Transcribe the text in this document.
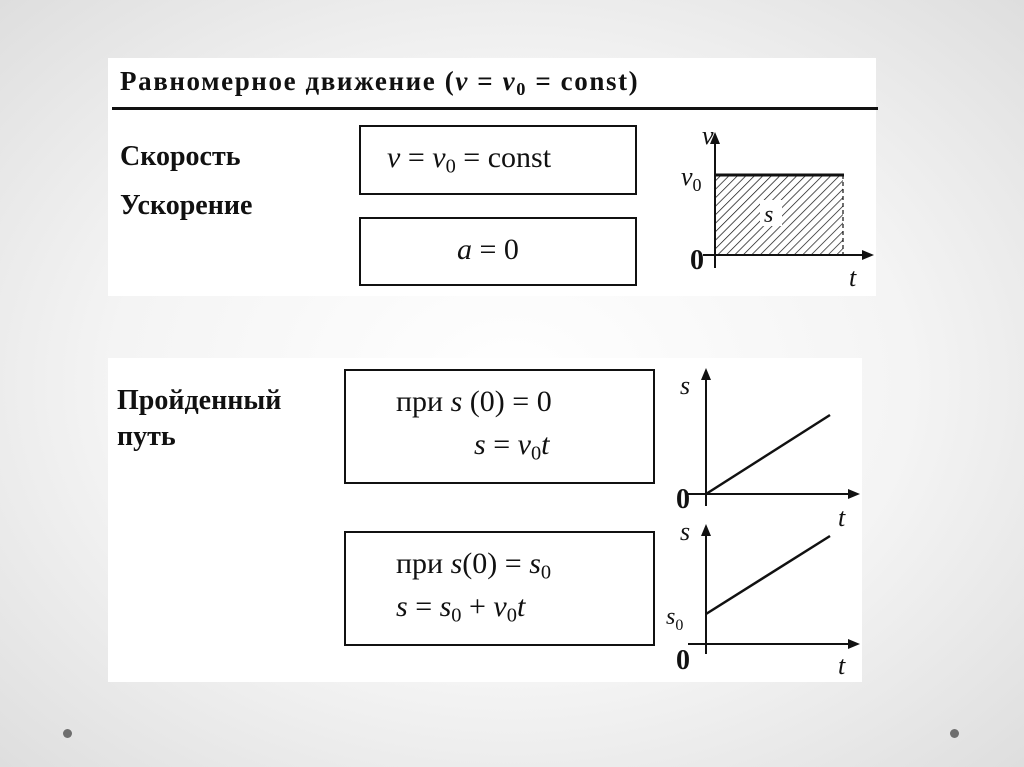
Равномерное движение ($v = v_0$ = const)
Скорость
Ускорение
$v = v_0$ = const
a = 0
s
v
$v_0$
0
t
Пройденный
путь
при s (0) = 0
$s = v_0t$
при $s(0) = s_0$
$s = s_0 + v_0t$
s
0
t
s
$s_0$
0	t
